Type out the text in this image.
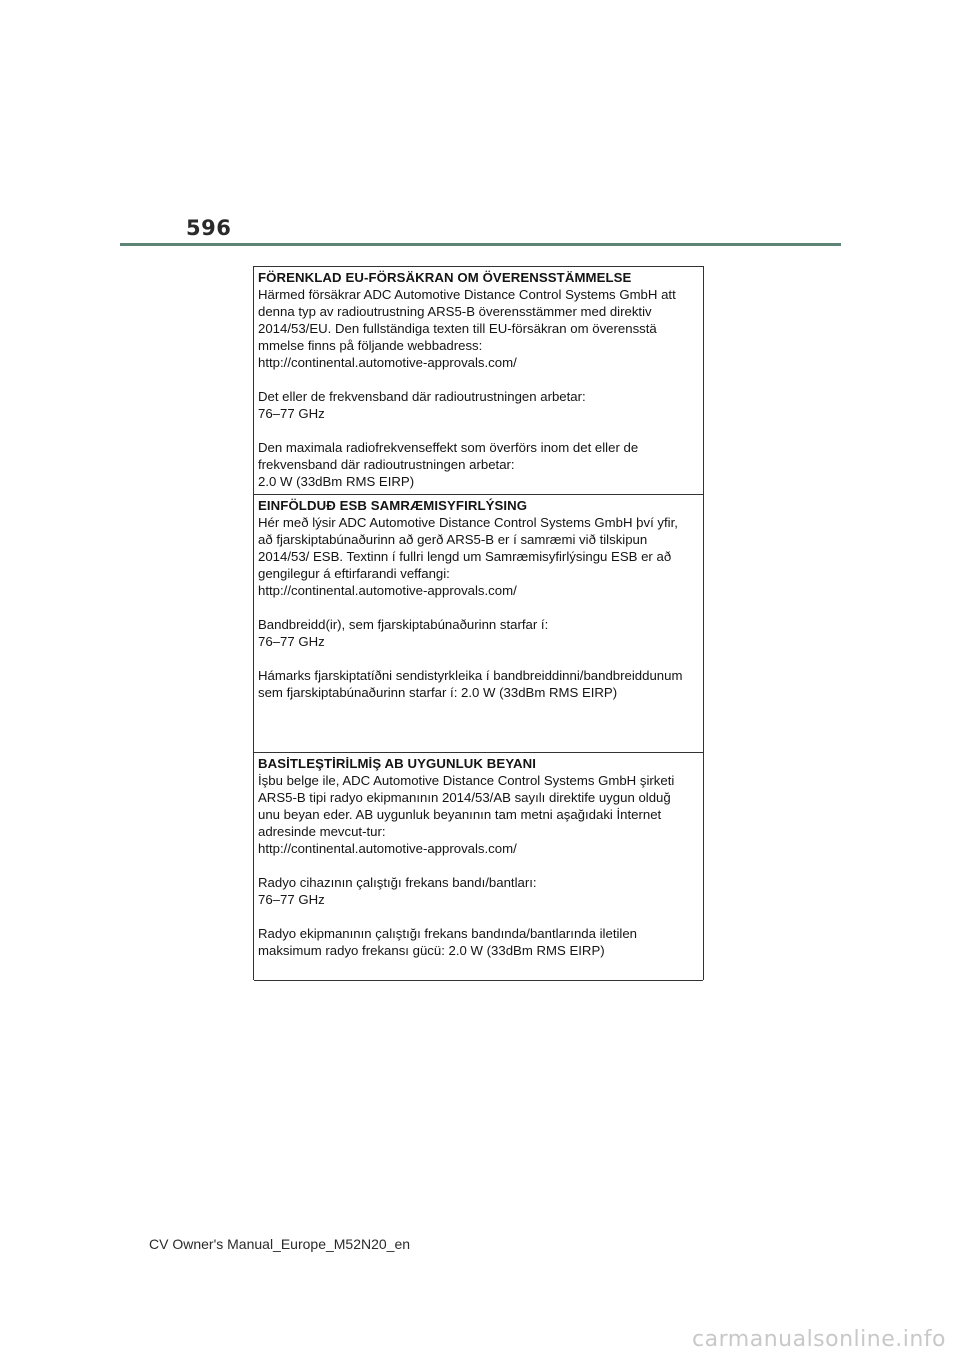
596
FÖRENKLAD EU-FÖRSÄKRAN OM ÖVERENSSTÄMMELSE
Härmed försäkrar ADC Automotive Distance Control Systems GmbH att
denna typ av radioutrustning ARS5-B överensstämmer med direktiv
2014/53/EU. Den fullständiga texten till EU-försäkran om överensstä
mmelse finns på följande webbadress:
http://continental.automotive-approvals.com/
Det eller de frekvensband där radioutrustningen arbetar:
76–77 GHz
Den maximala radiofrekvenseffekt som överförs inom det eller de
frekvensband där radioutrustningen arbetar:
2.0 W (33dBm RMS EIRP)
EINFÖLDUÐ ESB SAMRÆMISYFIRLÝSING
Hér með lýsir ADC Automotive Distance Control Systems GmbH því yfir,
að fjarskiptabúnaðurinn að gerð ARS5-B er í samræmi við tilskipun
2014/53/ ESB. Textinn í fullri lengd um Samræmisyfirlýsingu ESB er að
gengilegur á eftirfarandi veffangi:
http://continental.automotive-approvals.com/
Bandbreidd(ir), sem fjarskiptabúnaðurinn starfar í:
76–77 GHz
Hámarks fjarskiptatíðni sendistyrkleika í bandbreiddinni/bandbreiddunum
sem fjarskiptabúnaðurinn starfar í: 2.0 W (33dBm RMS EIRP)
BASİTLEŞTİRİLMİŞ AB UYGUNLUK BEYANI
İşbu belge ile, ADC Automotive Distance Control Systems GmbH şirketi
ARS5-B tipi radyo ekipmanının 2014/53/AB sayılı direktife uygun olduğ
unu beyan eder. AB uygunluk beyanının tam metni aşağıdaki İnternet
adresinde mevcut-tur:
http://continental.automotive-approvals.com/
Radyo cihazının çalıştığı frekans bandı/bantları:
76–77 GHz
Radyo ekipmanının çalıştığı frekans bandında/bantlarında iletilen
maksimum radyo frekansı gücü: 2.0 W (33dBm RMS EIRP)
CV Owner's Manual_Europe_M52N20_en
carmanualsonline.info
